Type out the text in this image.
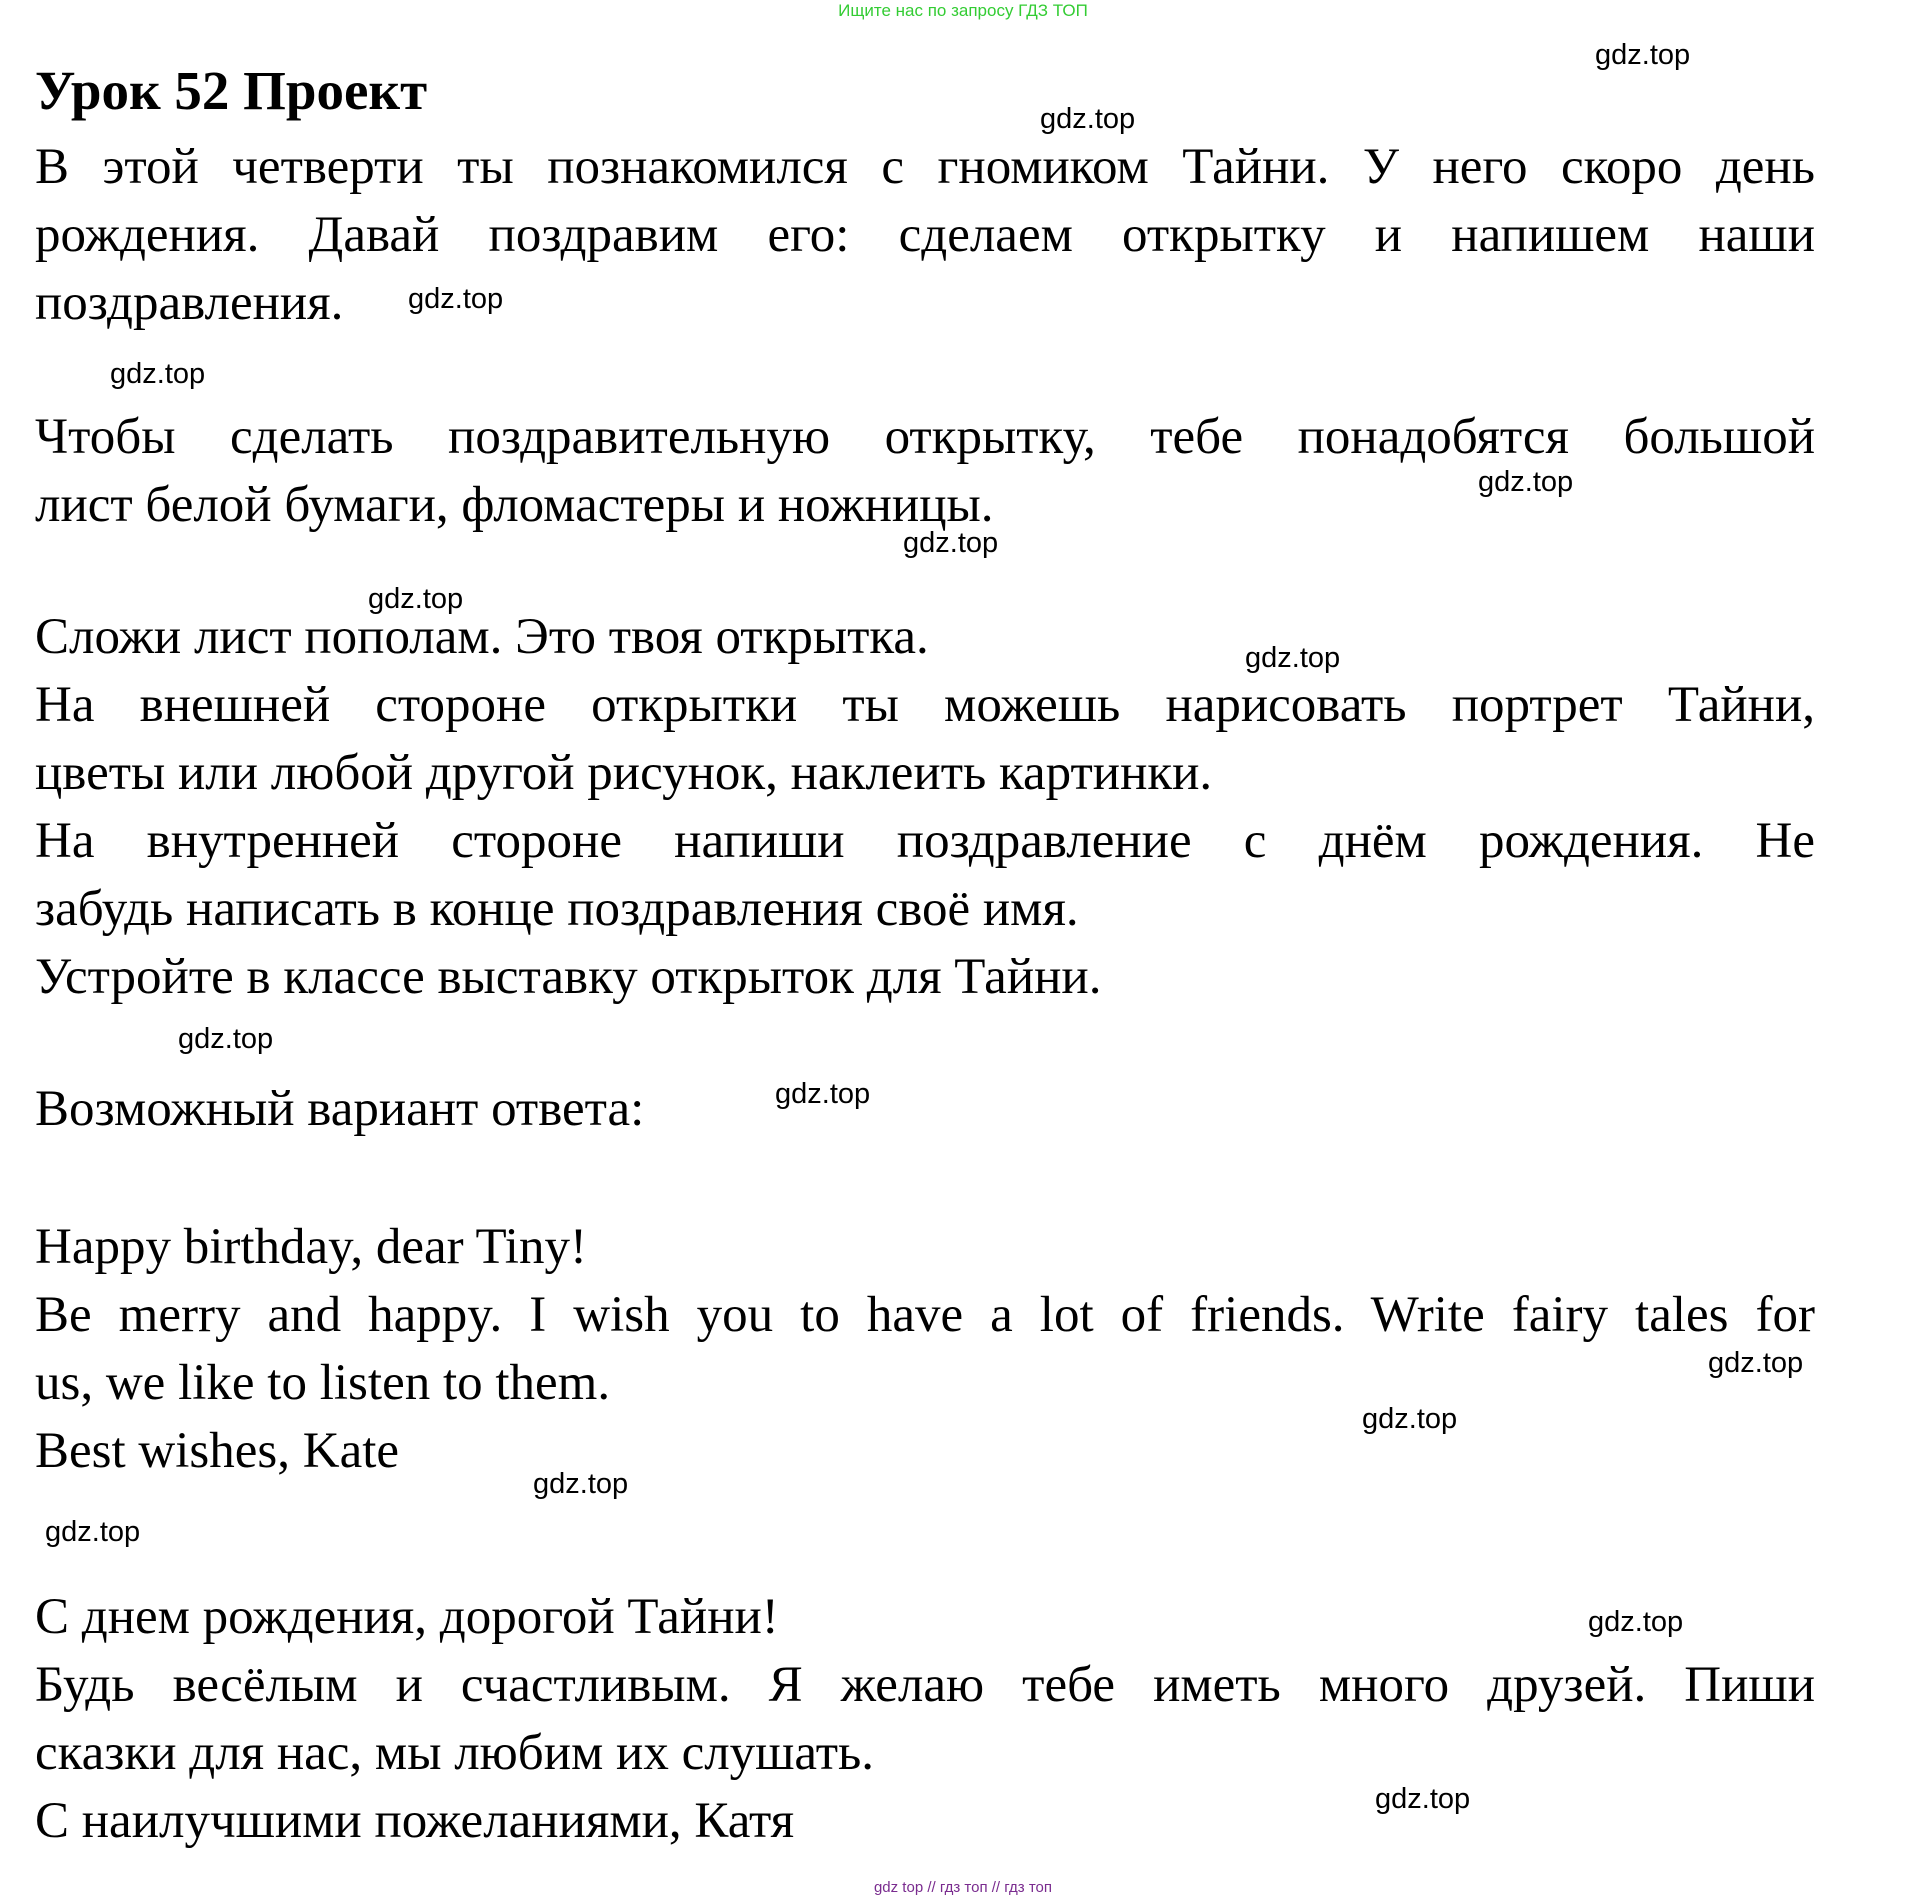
Ищите нас по запросу ГДЗ ТОП
Урок 52 Проект
В этой четверти ты познакомился с гномиком Тайни. У него скоро день
рождения. Давай поздравим его: сделаем открытку и напишем наши
поздравления.
Чтобы сделать поздравительную открытку, тебе понадобятся большой
лист белой бумаги, фломастеры и ножницы.
Сложи лист пополам. Это твоя открытка.
На внешней стороне открытки ты можешь нарисовать портрет Тайни,
цветы или любой другой рисунок, наклеить картинки.
На внутренней стороне напиши поздравление с днём рождения. Не
забудь написать в конце поздравления своё имя.
Устройте в классе выставку открыток для Тайни.
Возможный вариант ответа:
Happy birthday, dear Tiny!
Be merry and happy. I wish you to have a lot of friends. Write fairy tales for
us, we like to listen to them.
Best wishes, Kate
С днем рождения, дорогой Тайни!
Будь весёлым и счастливым. Я желаю тебе иметь много друзей. Пиши
сказки для нас, мы любим их слушать.
С наилучшими пожеланиями, Катя
gdz.top
gdz.top
gdz.top
gdz.top
gdz.top
gdz.top
gdz.top
gdz.top
gdz.top
gdz.top
gdz.top
gdz.top
gdz.top
gdz.top
gdz.top
gdz.top
gdz top // гдз топ // гдз топ
